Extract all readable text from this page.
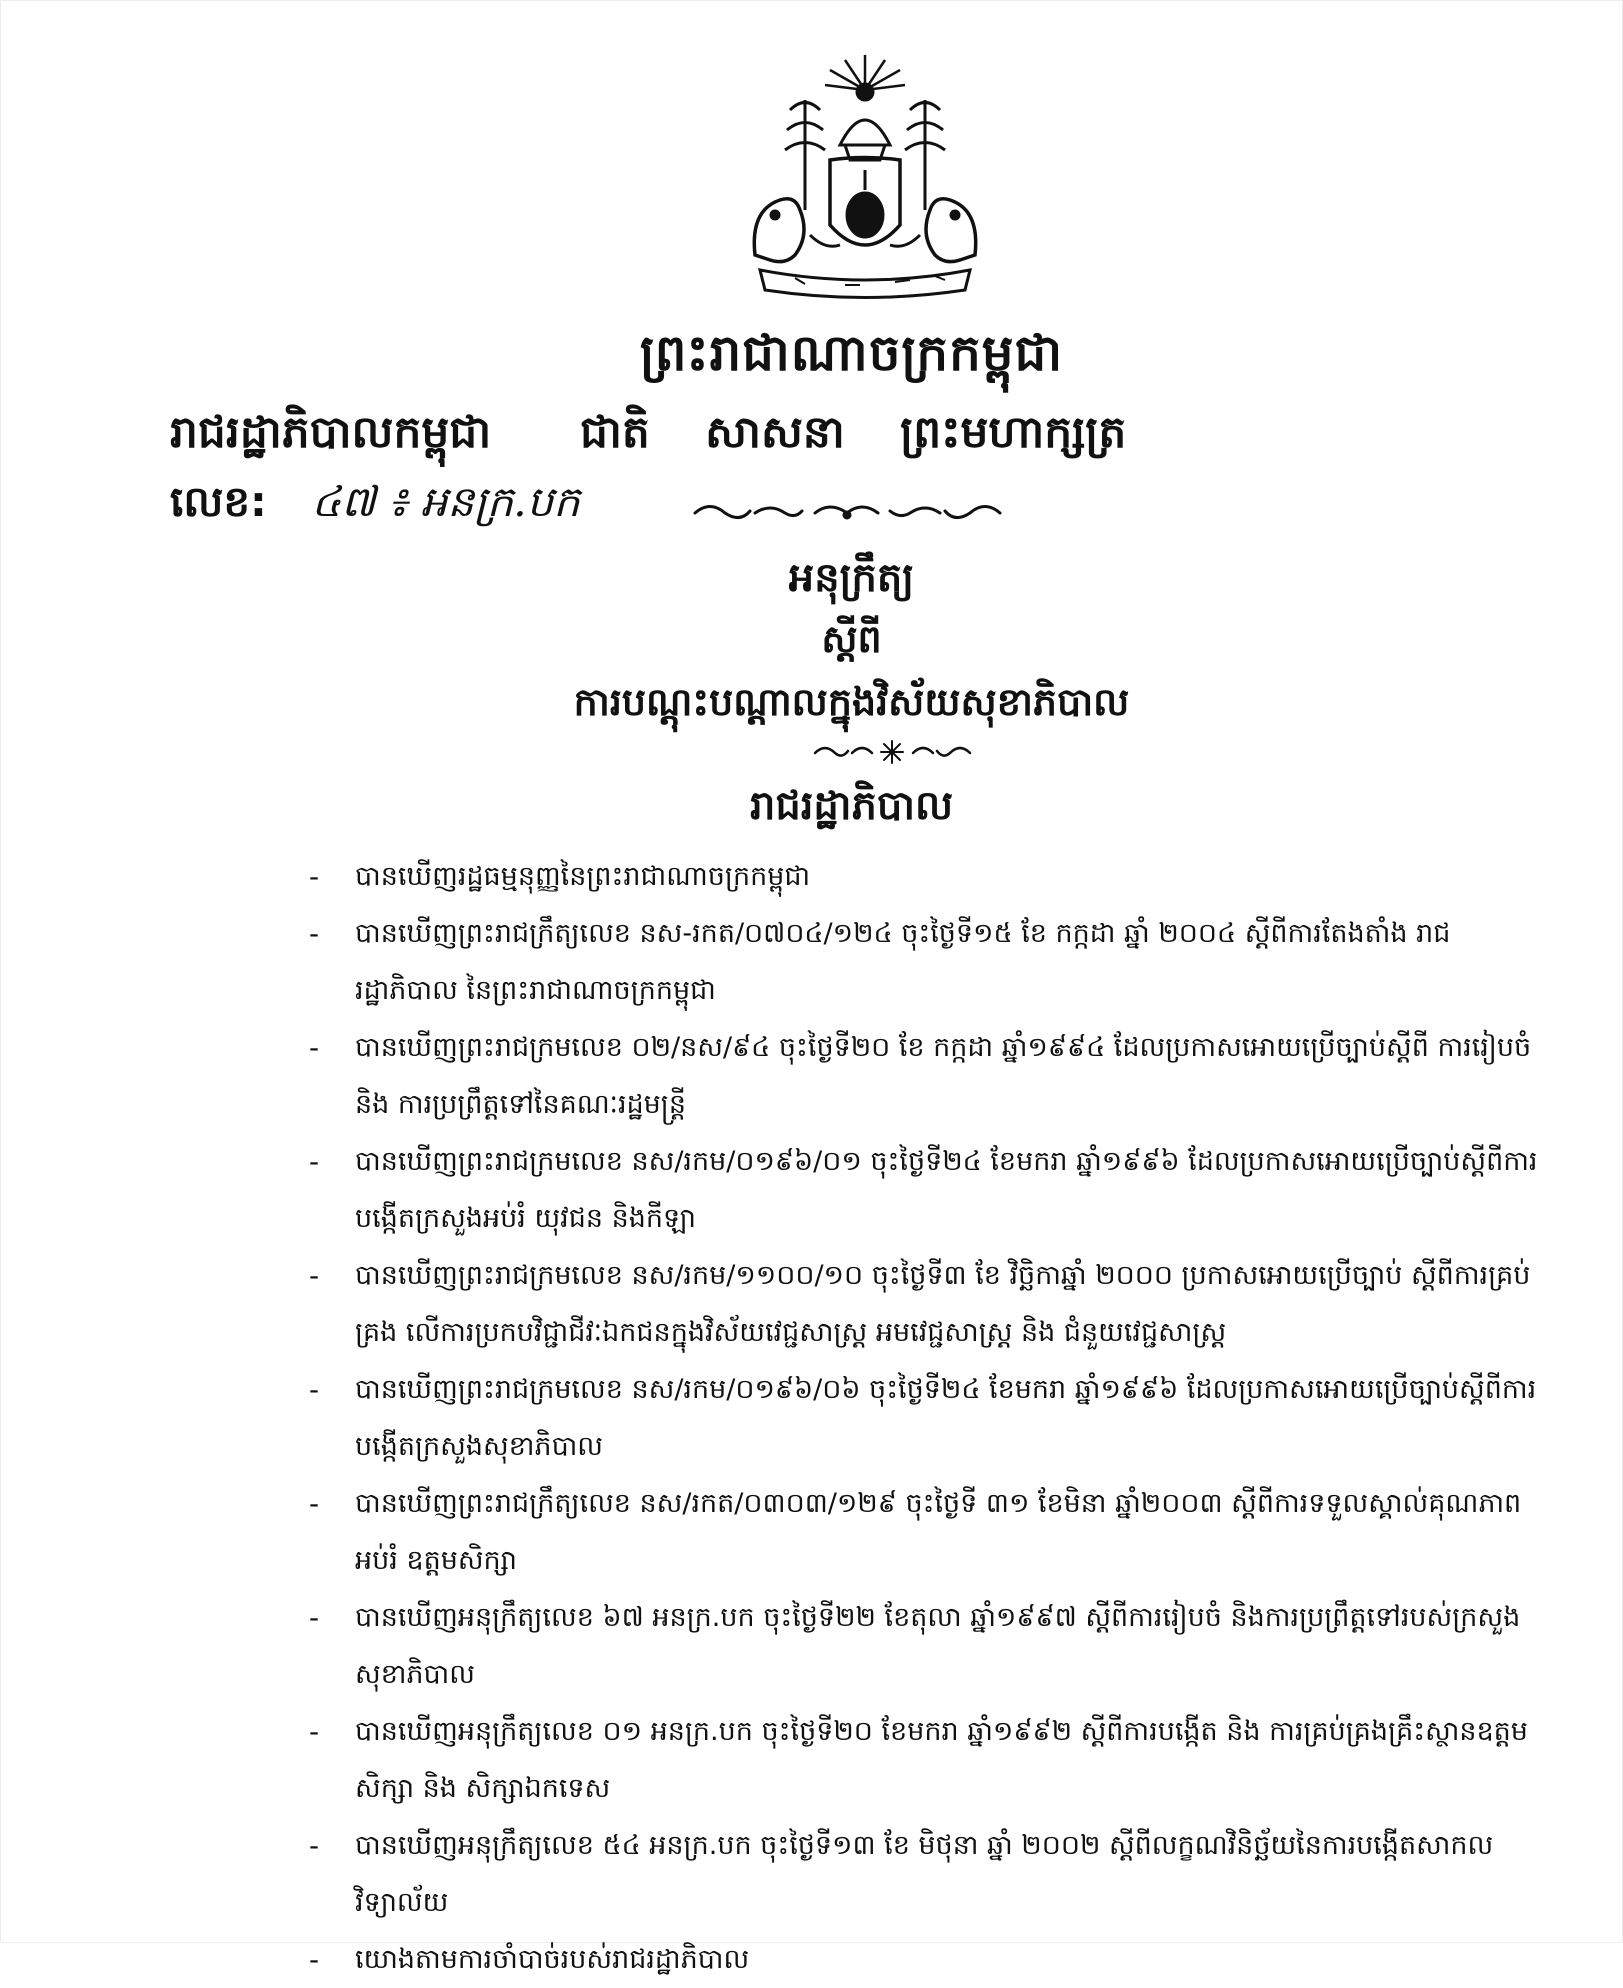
ព្រះរាជាណាចក្រកម្ពុជា
រាជរដ្ឋាភិបាលកម្ពុជា ជាតិ សាសនា ព្រះមហាក្សត្រ
លេខ: ៤៧ ៖ អនក្រ.បក
អនុក្រឹត្យ
ស្តីពី
ការបណ្តុះបណ្តាលក្នុងវិស័យសុខាភិបាល
រាជរដ្ឋាភិបាល
- បានឃើញរដ្ឋធម្មនុញ្ញនៃព្រះរាជាណាចក្រកម្ពុជា
- បានឃើញព្រះរាជក្រឹត្យលេខ នស-រកត/០៧០៤/១២៤ ចុះថ្ងៃទី១៥ ខែ កក្កដា ឆ្នាំ ២០០៤ ស្តីពីការតែងតាំង រាជរដ្ឋាភិបាល នៃព្រះរាជាណាចក្រកម្ពុជា
- បានឃើញព្រះរាជក្រមលេខ ០២/នស/៩៤ ចុះថ្ងៃទី២០ ខែ កក្កដា ឆ្នាំ១៩៩៤ ដែលប្រកាសអោយប្រើច្បាប់ស្តីពី ការរៀបចំ និង ការប្រព្រឹត្តទៅនៃគណៈរដ្ឋមន្ត្រី
- បានឃើញព្រះរាជក្រមលេខ នស/រកម/០១៩៦/០១ ចុះថ្ងៃទី២៤ ខែមករា ឆ្នាំ១៩៩៦ ដែលប្រកាសអោយប្រើច្បាប់ស្តីពីការ បង្កើតក្រសួងអប់រំ យុវជន និងកីឡា
- បានឃើញព្រះរាជក្រមលេខ នស/រកម/១១០០/១០ ចុះថ្ងៃទី៣ ខែ វិច្ឆិកាឆ្នាំ ២០០០ ប្រកាសអោយប្រើច្បាប់ ស្តីពីការគ្រប់គ្រង លើការប្រកបវិជ្ជាជីវៈឯកជនក្នុងវិស័យវេជ្ជសាស្ត្រ អមវេជ្ជសាស្ត្រ និង ជំនួយវេជ្ជសាស្ត្រ
- បានឃើញព្រះរាជក្រមលេខ នស/រកម/០១៩៦/០៦ ចុះថ្ងៃទី២៤ ខែមករា ឆ្នាំ១៩៩៦ ដែលប្រកាសអោយប្រើច្បាប់ស្តីពីការ បង្កើតក្រសួងសុខាភិបាល
- បានឃើញព្រះរាជក្រឹត្យលេខ នស/រកត/០៣០៣/១២៩ ចុះថ្ងៃទី ៣១ ខែមិនា ឆ្នាំ២០០៣ ស្តីពីការទទួលស្គាល់គុណភាពអប់រំ ឧត្តមសិក្សា
- បានឃើញអនុក្រឹត្យលេខ ៦៧ អនក្រ.បក ចុះថ្ងៃទី២២ ខែតុលា ឆ្នាំ១៩៩៧ ស្តីពីការរៀបចំ និងការប្រព្រឹត្តទៅរបស់ក្រសួង សុខាភិបាល
- បានឃើញអនុក្រឹត្យលេខ ០១ អនក្រ.បក ចុះថ្ងៃទី២០ ខែមករា ឆ្នាំ១៩៩២ ស្តីពីការបង្កើត និង ការគ្រប់គ្រងគ្រឹះស្ថានឧត្តមសិក្សា និង សិក្សាឯកទេស
- បានឃើញអនុក្រឹត្យលេខ ៥៤ អនក្រ.បក ចុះថ្ងៃទី១៣ ខែ មិថុនា ឆ្នាំ ២០០២ ស្តីពីលក្ខណវិនិច្ឆ័យនៃការបង្កើតសាកលវិទ្យាល័យ
- យោងតាមការចាំបាច់របស់រាជរដ្ឋាភិបាល
